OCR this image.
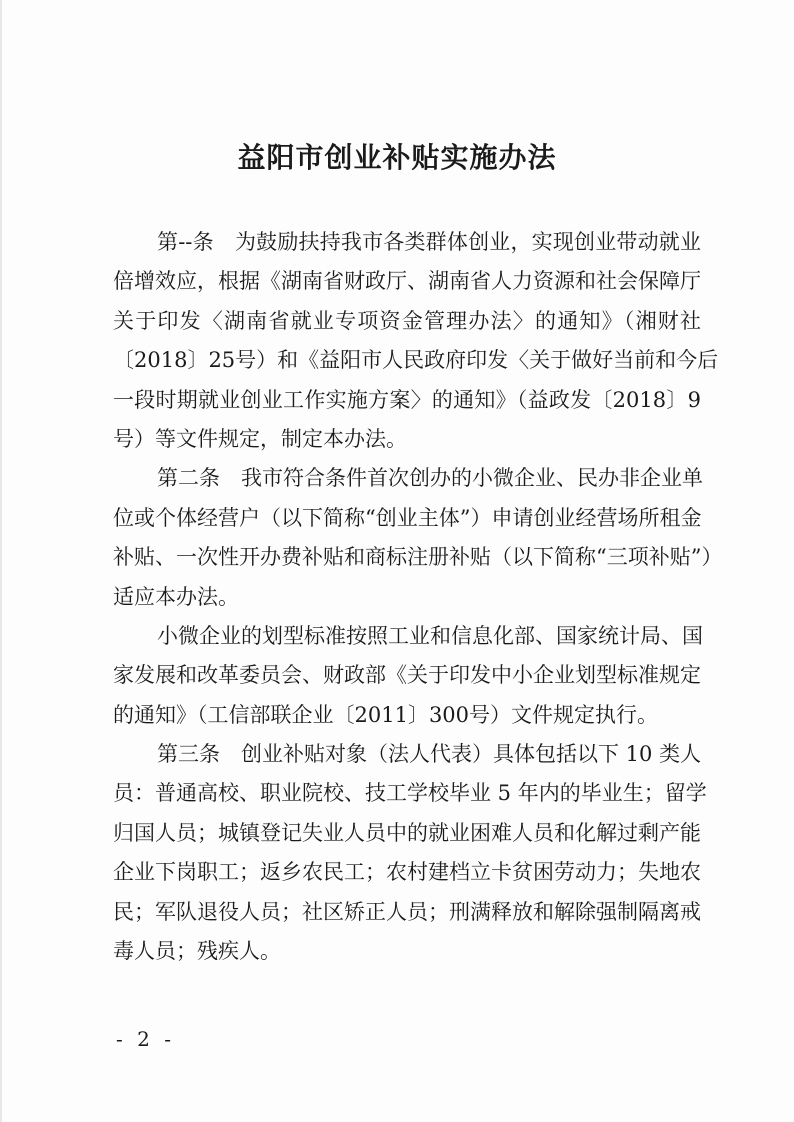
益阳市创业补贴实施办法
第--条　为鼓励扶持我市各类群体创业，实现创业带动就业
倍增效应，根据《湖南省财政厅、湖南省人力资源和社会保障厅
关于印发〈湖南省就业专项资金管理办法〉的通知》（湘财社
〔2018〕25号）和《益阳市人民政府印发〈关于做好当前和今后
一段时期就业创业工作实施方案〉的通知》（益政发〔2018〕9
号）等文件规定，制定本办法。
第二条　我市符合条件首次创办的小微企业、民办非企业单
位或个体经营户（以下简称“创业主体”）申请创业经营场所租金
补贴、一次性开办费补贴和商标注册补贴（以下简称“三项补贴”）
适应本办法。
小微企业的划型标准按照工业和信息化部、国家统计局、国
家发展和改革委员会、财政部《关于印发中小企业划型标准规定
的通知》（工信部联企业〔2011〕300号）文件规定执行。
第三条　创业补贴对象（法人代表）具体包括以下 10 类人
员：普通高校、职业院校、技工学校毕业 5 年内的毕业生；留学
归国人员；城镇登记失业人员中的就业困难人员和化解过剩产能
企业下岗职工；返乡农民工；农村建档立卡贫困劳动力；失地农
民；军队退役人员；社区矫正人员；刑满释放和解除强制隔离戒
毒人员；残疾人。
- 2 -
